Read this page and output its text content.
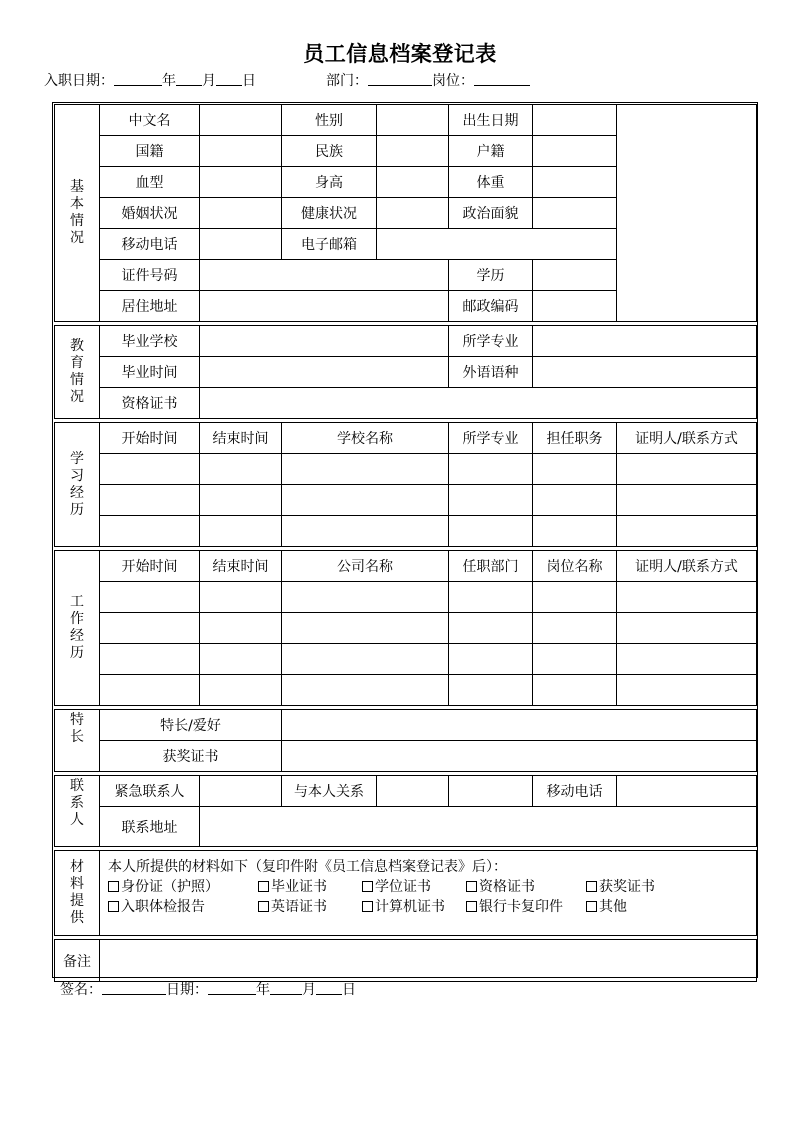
员工信息档案登记表
入职日期：	年 月 日	部门：	岗位：
基本情况	中文名		性别		出生日期		
	国籍		民族		户籍		
	血型		身高		体重		
	婚姻状况		健康状况		政治面貌		
	移动电话		电子邮箱				
	证件号码				学历		
	居住地址				邮政编码		

教育情况	毕业学校				所学专业		
	毕业时间				外语语种		
	资格证书						

学习经历	开始时间	结束时间	学校名称		所学专业	担任职务	证明人/联系方式

工作经历	开始时间	结束时间	公司名称		任职部门	岗位名称	证明人/联系方式

特长	特长/爱好						
	获奖证书						

联系人	紧急联系人		与本人关系			移动电话	
	联系地址						

材料提供	本人所提供的材料如下（复印件附《员工信息档案登记表》后）：
身份证（护照） 毕业证书 学位证书 资格证书 获奖证书
入职体检报告 英语证书 计算机证书 银行卡复印件 其他						

备注							
签名：	日期：	年 月 日
